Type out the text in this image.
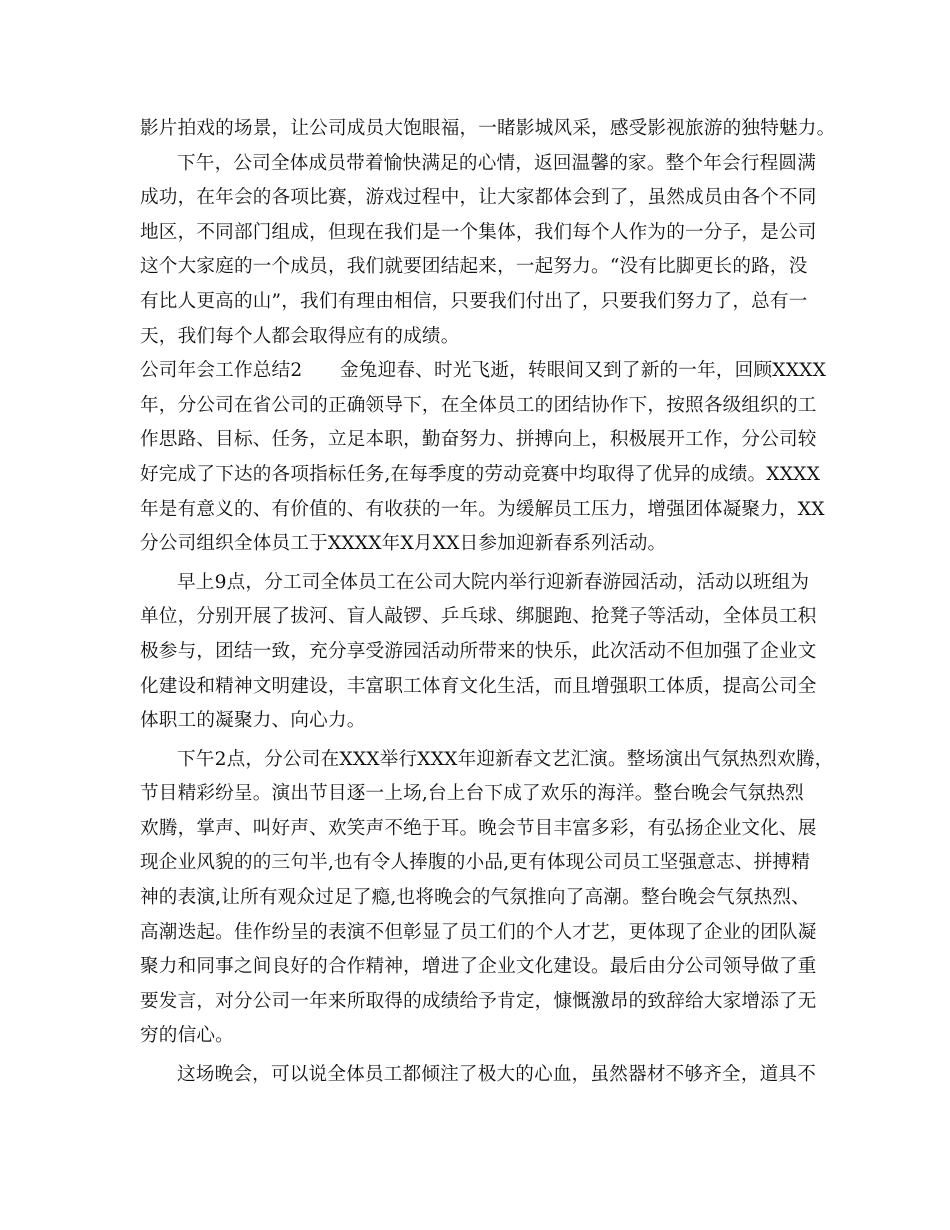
影片拍戏的场景，让公司成员大饱眼福，一睹影城风采，感受影视旅游的独特魅力。
下午，公司全体成员带着愉快满足的心情，返回温馨的家。整个年会行程圆满
成功，在年会的各项比赛，游戏过程中，让大家都体会到了，虽然成员由各个不同
地区，不同部门组成，但现在我们是一个集体，我们每个人作为的一分子，是公司
这个大家庭的一个成员，我们就要团结起来，一起努力。“没有比脚更长的路，没
有比人更高的山”，我们有理由相信，只要我们付出了，只要我们努力了，总有一
天，我们每个人都会取得应有的成绩。
公司年会工作总结2 金兔迎春、时光飞逝，转眼间又到了新的一年，回顾XXXX
年，分公司在省公司的正确领导下，在全体员工的团结协作下，按照各级组织的工
作思路、目标、任务，立足本职，勤奋努力、拼搏向上，积极展开工作，分公司较
好完成了下达的各项指标任务,在每季度的劳动竞赛中均取得了优异的成绩。XXXX
年是有意义的、有价值的、有收获的一年。为缓解员工压力，增强团体凝聚力，XX
分公司组织全体员工于XXXX年X月XX日参加迎新春系列活动。
早上9点，分工司全体员工在公司大院内举行迎新春游园活动，活动以班组为
单位，分别开展了拔河、盲人敲锣、乒乓球、绑腿跑、抢凳子等活动，全体员工积
极参与，团结一致，充分享受游园活动所带来的快乐，此次活动不但加强了企业文
化建设和精神文明建设，丰富职工体育文化生活，而且增强职工体质，提高公司全
体职工的凝聚力、向心力。
下午2点，分公司在XXX举行XXX年迎新春文艺汇演。整场演出气氛热烈欢腾，
节目精彩纷呈。演出节目逐一上场,台上台下成了欢乐的海洋。整台晚会气氛热烈
欢腾，掌声、叫好声、欢笑声不绝于耳。晚会节目丰富多彩，有弘扬企业文化、展
现企业风貌的的三句半,也有令人捧腹的小品,更有体现公司员工坚强意志、拼搏精
神的表演,让所有观众过足了瘾,也将晚会的气氛推向了高潮。整台晚会气氛热烈、
高潮迭起。佳作纷呈的表演不但彰显了员工们的个人才艺，更体现了企业的团队凝
聚力和同事之间良好的合作精神，增进了企业文化建设。最后由分公司领导做了重
要发言，对分公司一年来所取得的成绩给予肯定，慷慨激昂的致辞给大家增添了无
穷的信心。
这场晚会，可以说全体员工都倾注了极大的心血，虽然器材不够齐全，道具不
